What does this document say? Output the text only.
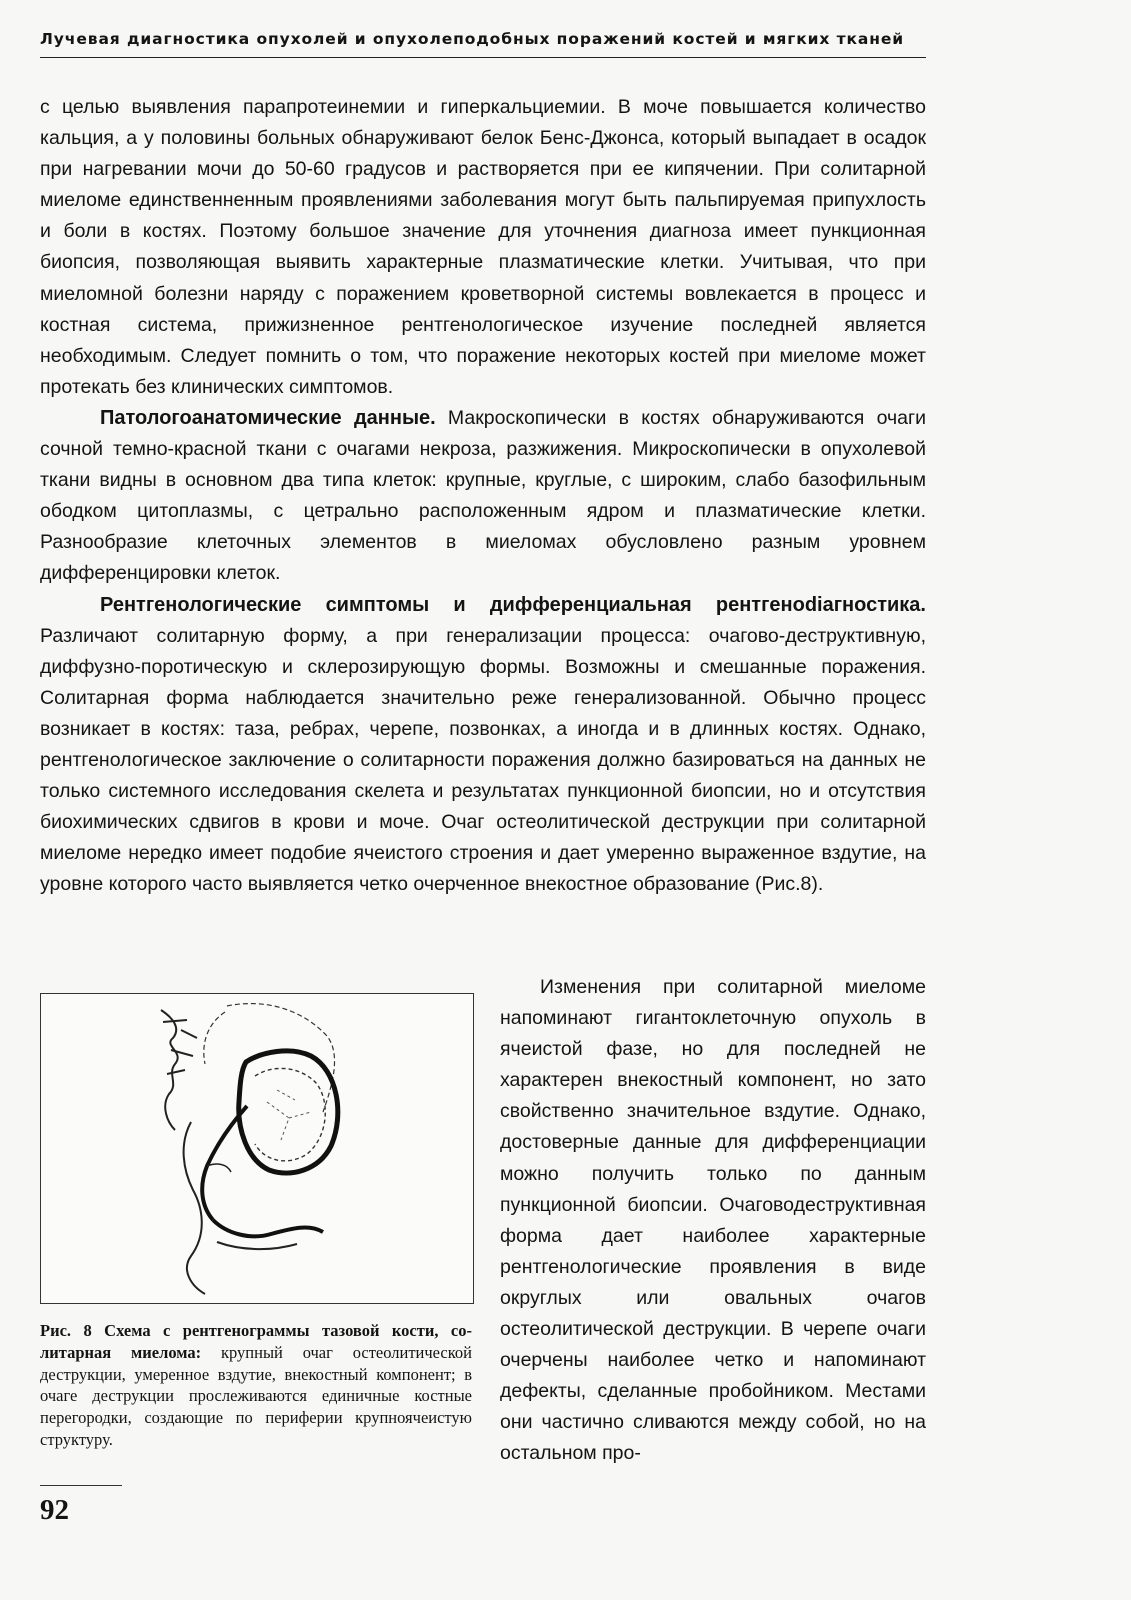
Лучевая диагностика опухолей и опухолеподобных поражений костей и мягких тканей

с целью выявления парапротеинемии и гиперкальциемии. В моче повышается количество кальция, а у половины больных обнаруживают белок Бенс-Джонса, который выпадает в осадок при нагревании мочи до 50-60 градусов и растворяется при ее кипячении. При солитарной миеломе единственненным проявлениями заболевания могут быть пальпируемая припухлость и боли в костях. Поэтому большое значение для уточнения диагноза имеет пункционная биопсия, позволяющая выявить характерные плазматические клетки. Учитывая, что при миеломной болезни наряду с поражением кроветворной системы вовлекается в процесс и костная система, прижизненное рентгенологическое изучение последней является необходимым. Следует помнить о том, что поражение некоторых костей при миеломе может протекать без клинических симптомов.

Патологоанатомические данные. Макроскопически в костях обнаруживаются очаги сочной темно-красной ткани с очагами некроза, разжижения. Микроскопически в опухолевой ткани видны в основном два типа клеток: крупные, круглые, с широким, слабо базофильным ободком цитоплазмы, с цетрально расположенным ядром и плазматические клетки. Разнообразие клеточных элементов в миеломах обусловлено разным уровнем дифференцировки клеток.

Рентгенологические симптомы и дифференциальная рентгенodiагностика. Различают солитарную форму, а при генерализации процесса: очагово-деструктивную, диффузно-поротическую и склерозирующую формы. Возможны и смешанные поражения. Солитарная форма наблюдается значительно реже генерализованной. Обычно процесс возникает в костях: таза, ребрах, черепе, позвонках, а иногда и в длинных костях. Однако, рентгенологическое заключение о солитарности поражения должно базироваться на данных не только системного исследования скелета и результатах пункционной биопсии, но и отсутствия биохимических сдвигов в крови и моче. Очаг остеолитической деструкции при солитарной миеломе нередко имеет подобие ячеистого строения и дает умеренно выраженное вздутие, на уровне которого часто выявляется четко очерченное внекостное образование (Рис.8).

Рис. 8 Схема с рентгенограммы тазовой кости, солитарная миелома: крупный очаг остеолитической деструкции, умеренное вздутие, внекостный компонент; в очаге деструкции прослеживаются единичные костные перегородки, создающие по периферии крупноячеистую структуру.

Изменения при солитарной миеломе напоминают гигантоклеточную опухоль в ячеистой фазе, но для последней не характерен внекостный компонент, но зато свойственно значительное вздутие. Однако, достоверные данные для дифференциации можно получить только по данным пункционной биопсии. Очаговодеструктивная форма дает наиболее характерные рентгенологические проявления в виде округлых или овальных очагов остеолитической деструкции. В черепе очаги очерчены наиболее четко и напоминают дефекты, сделанные пробойником. Местами они частично сливаются между собой, но на остальном про-

92
